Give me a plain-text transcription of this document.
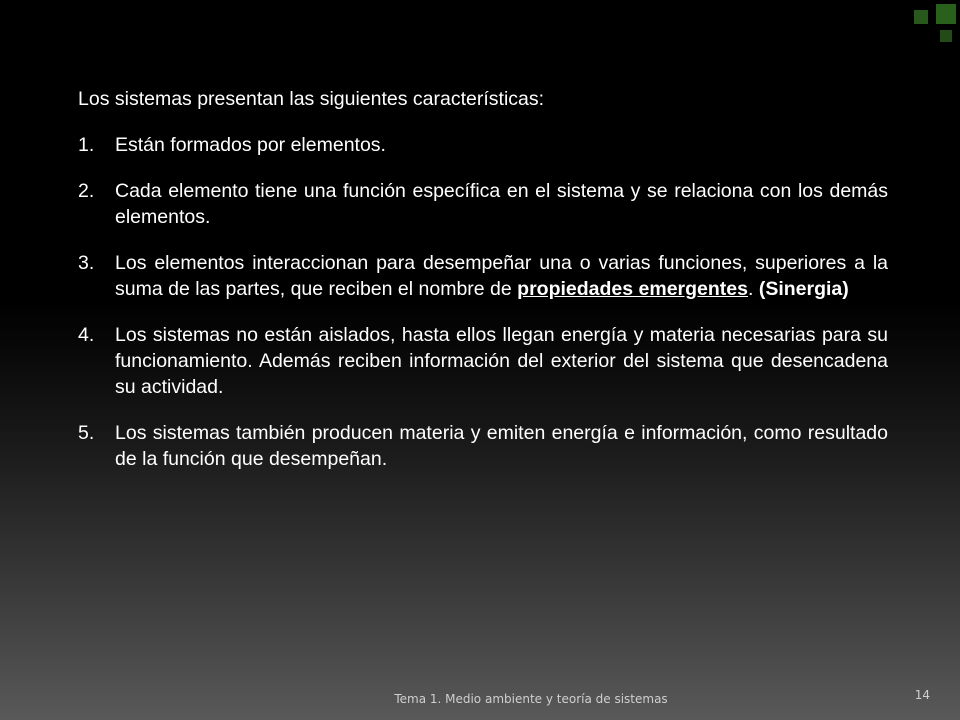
Los sistemas presentan las siguientes características:

1. Están formados por elementos.
2. Cada elemento tiene una función específica en el sistema y se relaciona con los demás elementos.
3. Los elementos interaccionan para desempeñar una o varias funciones, superiores a la suma de las partes, que reciben el nombre de propiedades emergentes. (Sinergia)
4. Los sistemas no están aislados, hasta ellos llegan energía y materia necesarias para su funcionamiento. Además reciben información del exterior del sistema que desencadena su actividad.
5. Los sistemas también producen materia y emiten energía e información, como resultado de la función que desempeñan.
Tema 1. Medio ambiente y teoría de sistemas	14
